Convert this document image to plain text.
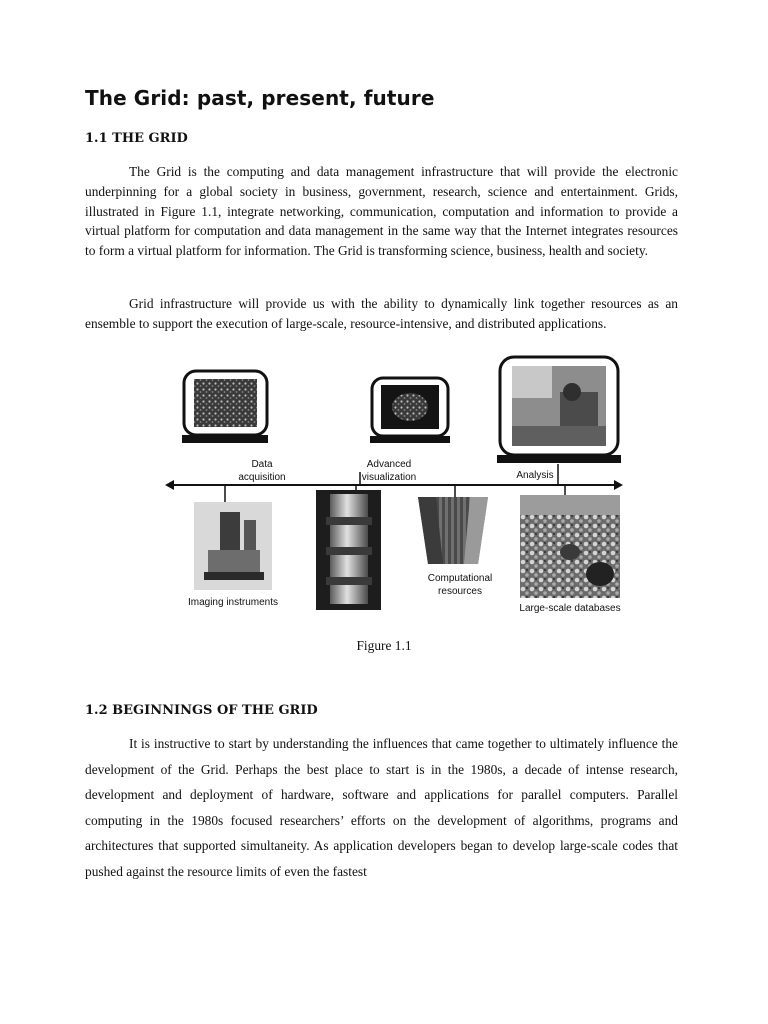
The Grid: past, present, future
1.1 THE GRID

The Grid is the computing and data management infrastructure that will provide the electronic underpinning for a global society in business, government, research, science and entertainment. Grids, illustrated in Figure 1.1, integrate networking, communication, computation and information to provide a virtual platform for computation and data management in the same way that the Internet integrates resources to form a virtual platform for information. The Grid is transforming science, business, health and society.

Grid infrastructure will provide us with the ability to dynamically link together resources as an ensemble to support the execution of large-scale, resource-intensive, and distributed applications.

Data acquisition
Advanced visualization	Analysis
Imaging instruments
Computational resources
Large-scale databases
Figure 1.1
1.2 BEGINNINGS OF THE GRID

It is instructive to start by understanding the influences that came together to ultimately influence the development of the Grid. Perhaps the best place to start is in the 1980s, a decade of intense research, development and deployment of hardware, software and applications for parallel computers. Parallel computing in the 1980s focused researchers’ efforts on the development of algorithms, programs and architectures that supported simultaneity. As application developers began to develop large-scale codes that pushed against the resource limits of even the fastest
